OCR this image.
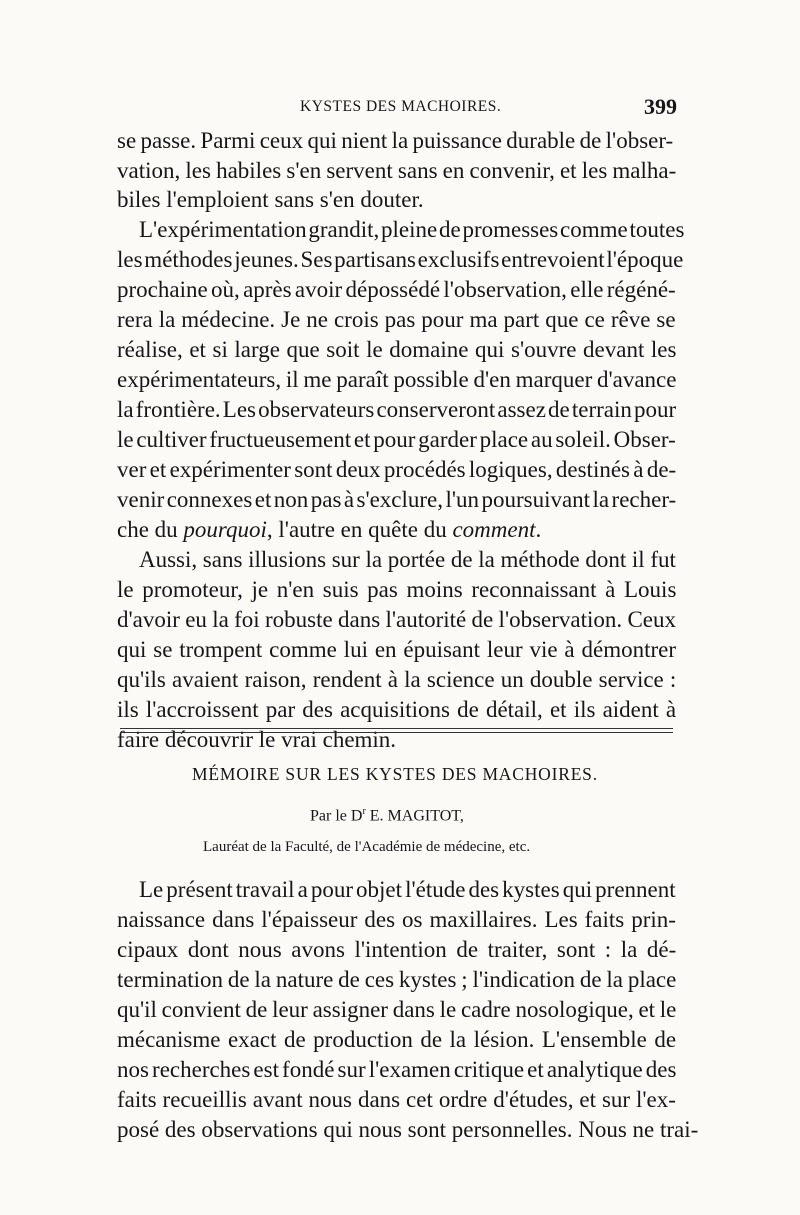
KYSTES DES MACHOIRES.	399
se passe. Parmi ceux qui nient la puissance durable de l'obser-
vation, les habiles s'en servent sans en convenir, et les malha-
biles l'emploient sans s'en douter.
L'expérimentation grandit, pleine de promesses comme toutes
les méthodes jeunes. Ses partisans exclusifs entrevoient l'époque
prochaine où, après avoir dépossédé l'observation, elle régéné-
rera la médecine. Je ne crois pas pour ma part que ce rêve se
réalise, et si large que soit le domaine qui s'ouvre devant les
expérimentateurs, il me paraît possible d'en marquer d'avance
la frontière. Les observateurs conserveront assez de terrain pour
le cultiver fructueusement et pour garder place au soleil. Obser-
ver et expérimenter sont deux procédés logiques, destinés à de-
venir connexes et non pas à s'exclure, l'un poursuivant la recher-
che du pourquoi, l'autre en quête du comment.
Aussi, sans illusions sur la portée de la méthode dont il fut
le promoteur, je n'en suis pas moins reconnaissant à Louis
d'avoir eu la foi robuste dans l'autorité de l'observation. Ceux
qui se trompent comme lui en épuisant leur vie à démontrer
qu'ils avaient raison, rendent à la science un double service :
ils l'accroissent par des acquisitions de détail, et ils aident à
faire découvrir le vrai chemin.
MÉMOIRE SUR LES KYSTES DES MACHOIRES.
Par le $D^r$ E. MAGITOT,
Lauréat de la Faculté, de l'Académie de médecine, etc.
Le présent travail a pour objet l'étude des kystes qui prennent
naissance dans l'épaisseur des os maxillaires. Les faits prin-
cipaux dont nous avons l'intention de traiter, sont : la dé-
termination de la nature de ces kystes ; l'indication de la place
qu'il convient de leur assigner dans le cadre nosologique, et le
mécanisme exact de production de la lésion. L'ensemble de
nos recherches est fondé sur l'examen critique et analytique des
faits recueillis avant nous dans cet ordre d'études, et sur l'ex-
posé des observations qui nous sont personnelles. Nous ne trai-
